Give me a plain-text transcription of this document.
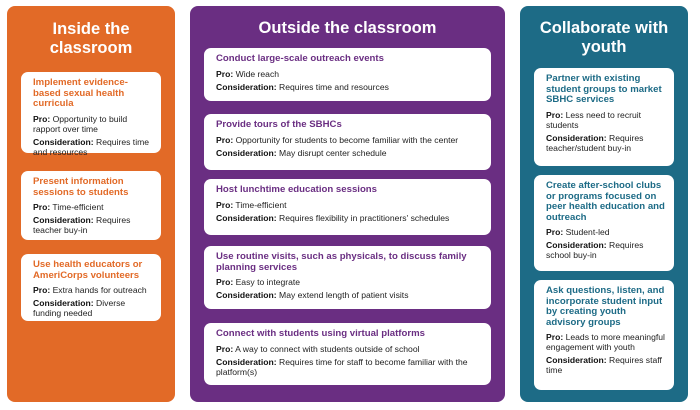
Inside the classroom

Implement evidence-based sexual health curricula

Pro: Opportunity to build rapport over time

Consideration: Requires time and resources

Present information sessions to students

Pro: Time-efficient

Consideration: Requires teacher buy-in

Use health educators or AmeriCorps volunteers

Pro: Extra hands for outreach

Consideration: Diverse funding needed

Outside the classroom

Conduct large-scale outreach events

Pro: Wide reach

Consideration: Requires time and resources

Provide tours of the SBHCs

Pro: Opportunity for students to become familiar with the center

Consideration: May disrupt center schedule

Host lunchtime education sessions

Pro: Time-efficient

Consideration: Requires flexibility in practitioners' schedules

Use routine visits, such as physicals, to discuss family planning services

Pro: Easy to integrate

Consideration: May extend length of patient visits

Connect with students using virtual platforms

Pro: A way to connect with students outside of school

Consideration: Requires time for staff to become familiar with the platform(s)

Collaborate with youth

Partner with existing student groups to market SBHC services

Pro: Less need to recruit students

Consideration: Requires teacher/student buy-in

Create after-school clubs or programs focused on peer health education and outreach

Pro: Student-led

Consideration: Requires school buy-in

Ask questions, listen, and incorporate student input by creating youth advisory groups

Pro: Leads to more meaningful engagement with youth

Consideration: Requires staff time
